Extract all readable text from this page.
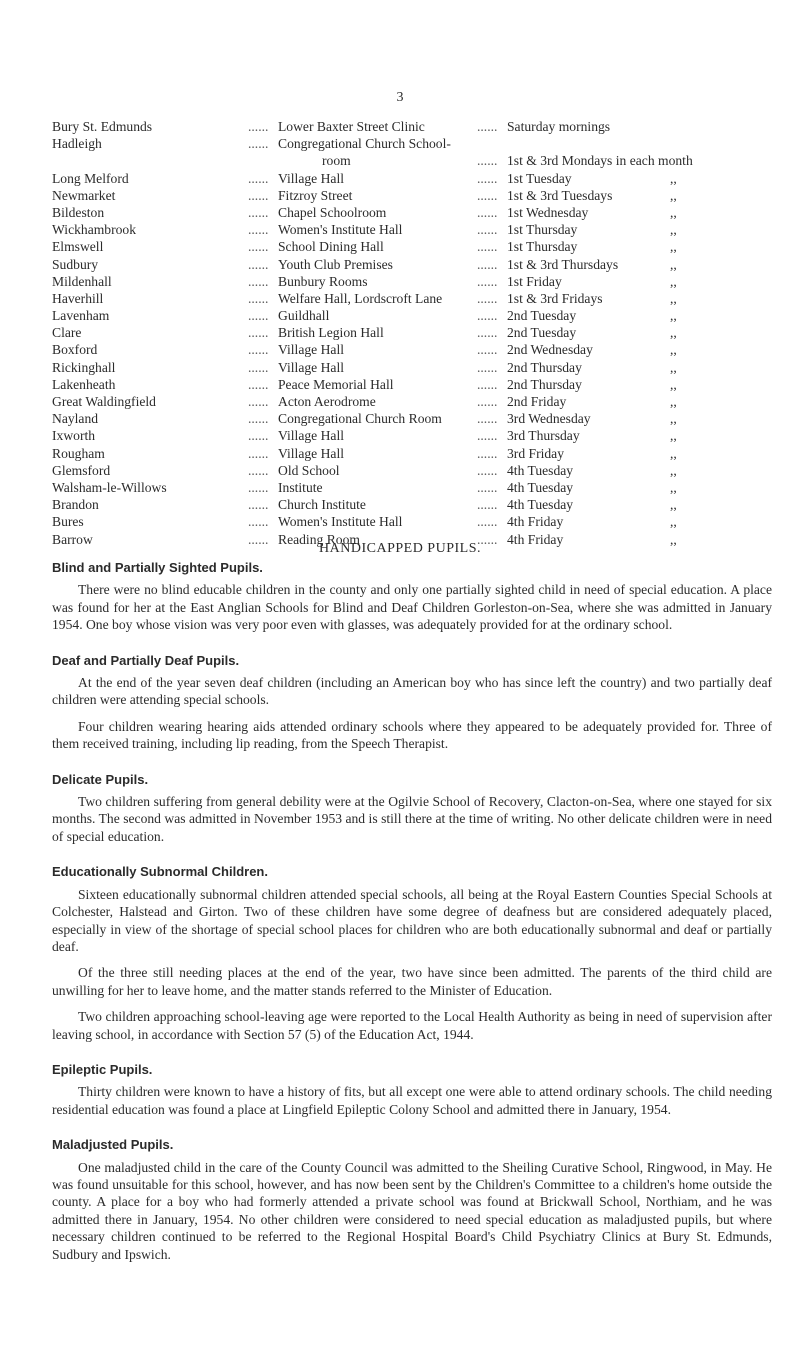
3
Bury St. Edmunds	...... Lower Baxter Street Clinic	...... Saturday mornings
Hadleigh	...... Congregational Church School-
room	...... 1st & 3rd Mondays in each month
Long Melford	...... Village Hall	...... 1st Tuesday	,,
Newmarket	...... Fitzroy Street	...... 1st & 3rd Tuesdays	,,
Bildeston	...... Chapel Schoolroom	...... 1st Wednesday	,,
Wickhambrook	...... Women's Institute Hall	...... 1st Thursday	,,
Elmswell	...... School Dining Hall	...... 1st Thursday	,,
Sudbury	...... Youth Club Premises	...... 1st & 3rd Thursdays	,,
Mildenhall	...... Bunbury Rooms	...... 1st Friday	,,
Haverhill	...... Welfare Hall, Lordscroft Lane	...... 1st & 3rd Fridays	,,
Lavenham	...... Guildhall	...... 2nd Tuesday	,,
Clare	...... British Legion Hall	...... 2nd Tuesday	,,
Boxford	...... Village Hall	...... 2nd Wednesday	,,
Rickinghall	...... Village Hall	...... 2nd Thursday	,,
Lakenheath	...... Peace Memorial Hall	...... 2nd Thursday	,,
Great Waldingfield	...... Acton Aerodrome	...... 2nd Friday	,,
Nayland	...... Congregational Church Room	...... 3rd Wednesday	,,
Ixworth	...... Village Hall	...... 3rd Thursday	,,
Rougham	...... Village Hall	...... 3rd Friday	,,
Glemsford	...... Old School	...... 4th Tuesday	,,
Walsham-le-Willows	...... Institute	...... 4th Tuesday	,,
Brandon	...... Church Institute	...... 4th Tuesday	,,
Bures	...... Women's Institute Hall	...... 4th Friday	,,
Barrow	...... Reading Room	...... 4th Friday	,,
HANDICAPPED PUPILS.
Blind and Partially Sighted Pupils.

There were no blind educable children in the county and only one partially sighted child in need of special education. A place was found for her at the East Anglian Schools for Blind and Deaf Children Gorleston-on-Sea, where she was admitted in January 1954. One boy whose vision was very poor even with glasses, was adequately provided for at the ordinary school.

Deaf and Partially Deaf Pupils.

At the end of the year seven deaf children (including an American boy who has since left the country) and two partially deaf children were attending special schools.

Four children wearing hearing aids attended ordinary schools where they appeared to be adequately provided for. Three of them received training, including lip reading, from the Speech Therapist.

Delicate Pupils.

Two children suffering from general debility were at the Ogilvie School of Recovery, Clacton-on-Sea, where one stayed for six months. The second was admitted in November 1953 and is still there at the time of writing. No other delicate children were in need of special education.

Educationally Subnormal Children.

Sixteen educationally subnormal children attended special schools, all being at the Royal Eastern Counties Special Schools at Colchester, Halstead and Girton. Two of these children have some degree of deafness but are considered adequately placed, especially in view of the shortage of special school places for children who are both educationally subnormal and deaf or partially deaf.

Of the three still needing places at the end of the year, two have since been admitted. The parents of the third child are unwilling for her to leave home, and the matter stands referred to the Minister of Education.

Two children approaching school-leaving age were reported to the Local Health Authority as being in need of supervision after leaving school, in accordance with Section 57 (5) of the Education Act, 1944.

Epileptic Pupils.

Thirty children were known to have a history of fits, but all except one were able to attend ordinary schools. The child needing residential education was found a place at Lingfield Epileptic Colony School and admitted there in January, 1954.

Maladjusted Pupils.

One maladjusted child in the care of the County Council was admitted to the Sheiling Curative School, Ringwood, in May. He was found unsuitable for this school, however, and has now been sent by the Children's Committee to a children's home outside the county. A place for a boy who had formerly attended a private school was found at Brickwall School, Northiam, and he was admitted there in January, 1954. No other children were considered to need special education as maladjusted pupils, but where necessary children continued to be referred to the Regional Hospital Board's Child Psychiatry Clinics at Bury St. Edmunds, Sudbury and Ipswich.
